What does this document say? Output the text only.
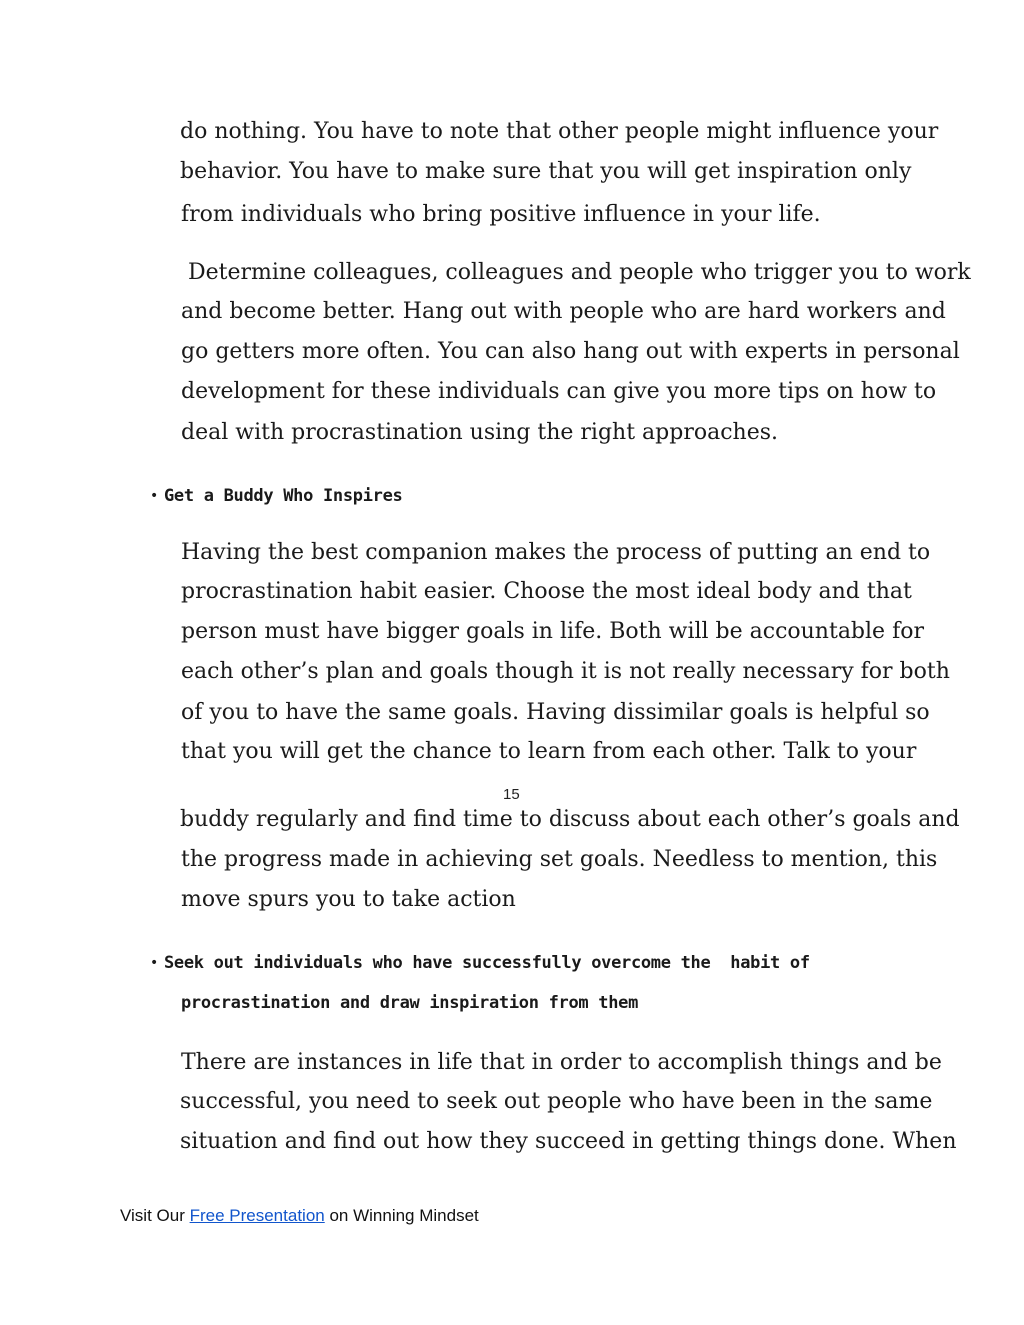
do nothing. You have to note that other people might influence your
behavior. You have to make sure that you will get inspiration only
from individuals who bring positive influence in your life.
Determine colleagues, colleagues and people who trigger you to work
and become better. Hang out with people who are hard workers and
go getters more often. You can also hang out with experts in personal
development for these individuals can give you more tips on how to
deal with procrastination using the right approaches.
• Get a Buddy Who Inspires
Having the best companion makes the process of putting an end to
procrastination habit easier. Choose the most ideal body and that
person must have bigger goals in life. Both will be accountable for
each other’s plan and goals though it is not really necessary for both
of you to have the same goals. Having dissimilar goals is helpful so
that you will get the chance to learn from each other. Talk to your
15
buddy regularly and find time to discuss about each other’s goals and
the progress made in achieving set goals. Needless to mention, this
move spurs you to take action
• Seek out individuals who have successfully overcome the  habit of
procrastination and draw inspiration from them
There are instances in life that in order to accomplish things and be
successful, you need to seek out people who have been in the same
situation and find out how they succeed in getting things done. When
Visit Our Free Presentation on Winning Mindset
